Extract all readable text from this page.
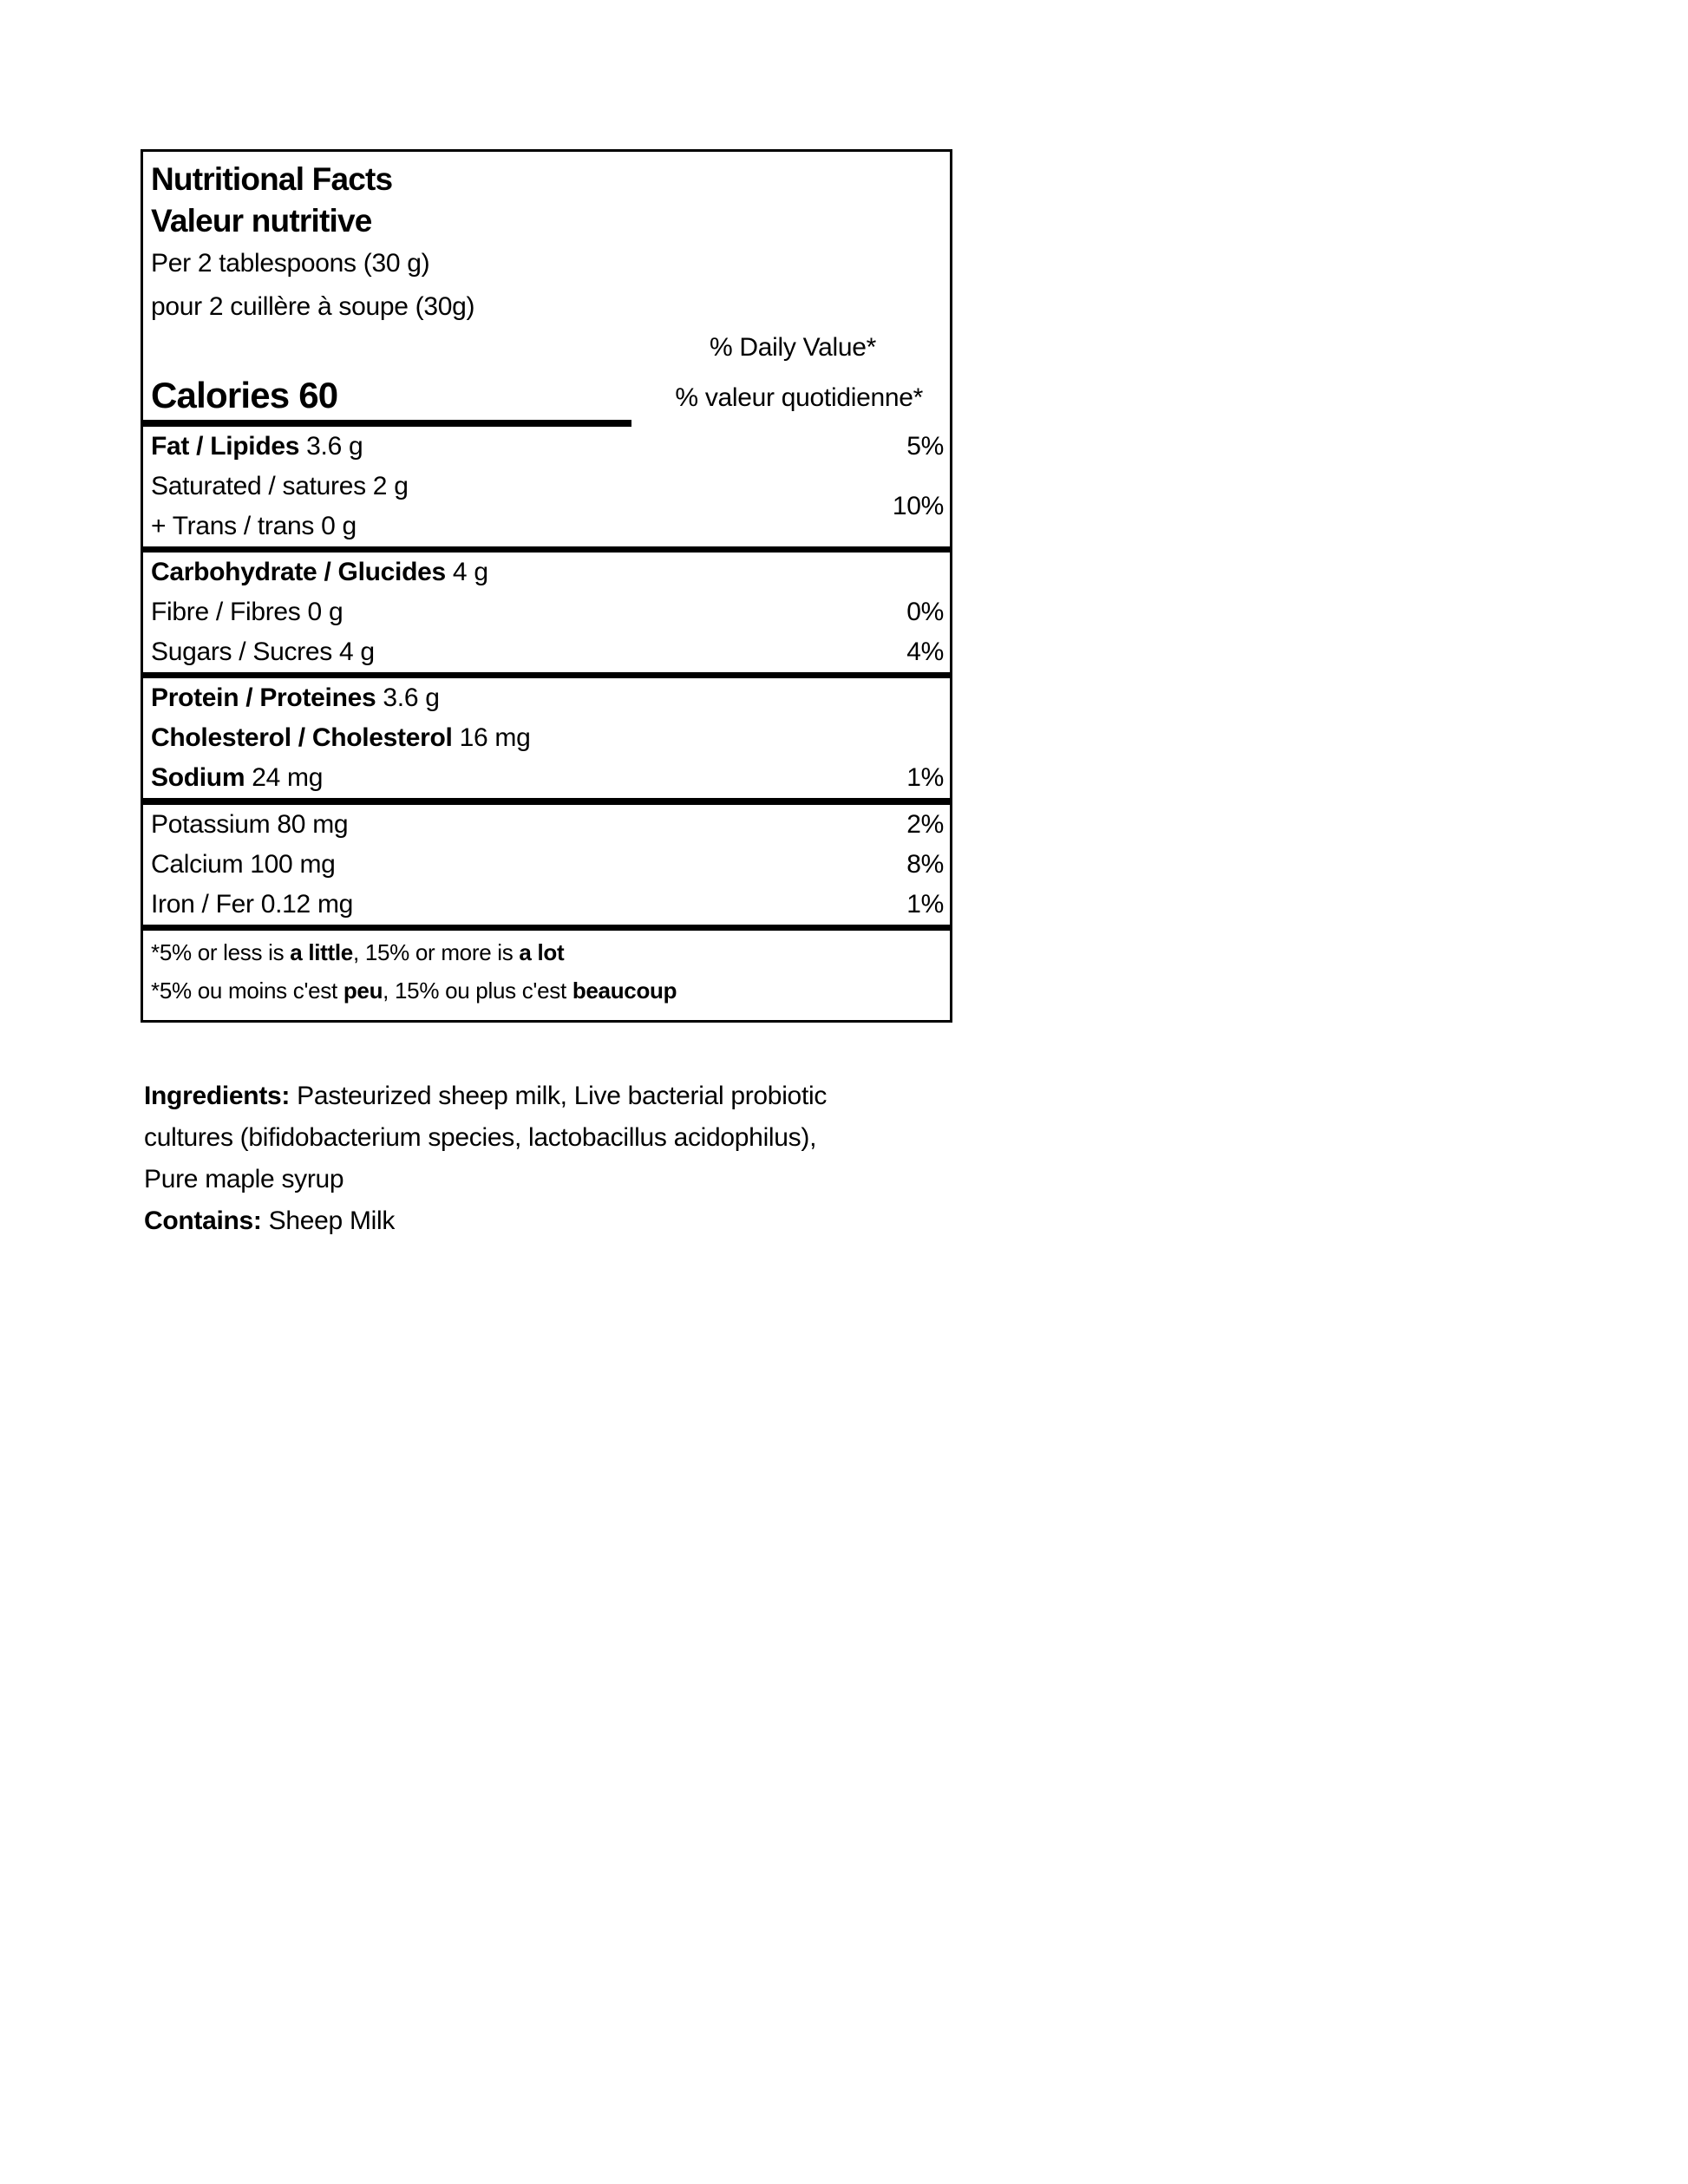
Nutritional Facts
Valeur nutritive
Per 2 tablespoons (30 g)
pour 2 cuillère à soupe (30g)
% Daily Value*
Calories 60	% valeur quotidienne*
Fat / Lipides 3.6 g	5%
Saturated / satures 2 g
+ Trans / trans 0 g
10%
Carbohydrate / Glucides 4 g
Fibre / Fibres 0 g	0%
Sugars / Sucres 4 g	4%
Protein / Proteines 3.6 g
Cholesterol / Cholesterol 16 mg
Sodium 24 mg	1%
Potassium 80 mg	2%
Calcium 100 mg	8%
Iron / Fer 0.12 mg	1%
*5% or less is a little, 15% or more is a lot
*5% ou moins c'est peu, 15% ou plus c'est beaucoup
Ingredients: Pasteurized sheep milk, Live bacterial probiotic
cultures (bifidobacterium species, lactobacillus acidophilus),
Pure maple syrup
Contains: Sheep Milk
